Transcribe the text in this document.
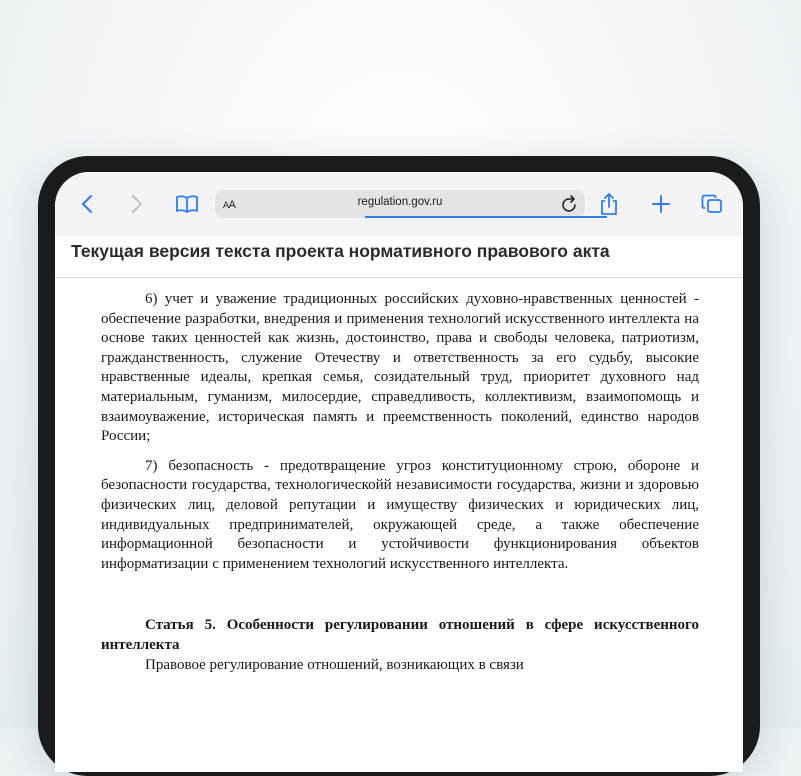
AA	regulation.gov.ru
Текущая версия текста проекта нормативного правового акта

6) учет и уважение традиционных российских духовно-нравственных ценностей - обеспечение разработки, внедрения и применения технологий искусственного интеллекта на основе таких ценностей как жизнь, достоинство, права и свободы человека, патриотизм, гражданственность, служение Отечеству и ответственность за его судьбу, высокие нравственные идеалы, крепкая семья, созидательный труд, приоритет духовного над материальным, гуманизм, милосердие, справедливость, коллективизм, взаимопомощь и взаимоуважение, историческая память и преемственность поколений, единство народов России;

7) безопасность - предотвращение угроз конституционному строю, обороне и безопасности государства, технологическойй независимости государства, жизни и здоровью физических лиц, деловой репутации и имуществу физических и юридических лиц, индивидуальных предпринимателей, окружающей среде, а также обеспечение информационной безопасности и устойчивости функционирования объектов информатизации с применением технологий искусственного интеллекта.

Статья 5. Особенности регулировании отношений в сфере искусственного интеллекта

Правовое регулирование отношений, возникающих в связи
